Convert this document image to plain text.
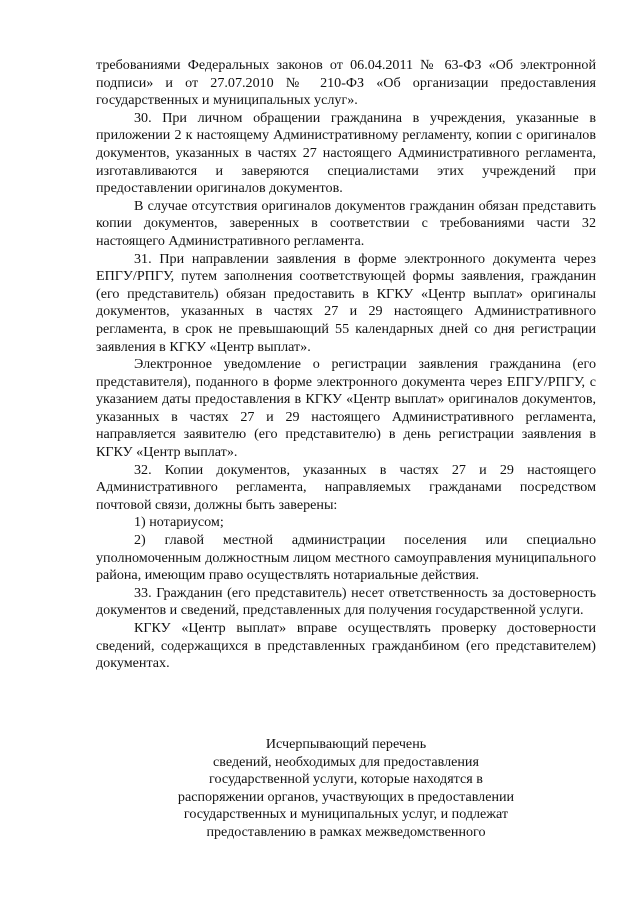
требованиями Федеральных законов от 06.04.2011 № 63-ФЗ «Об электронной подписи» и от 27.07.2010 № 210-ФЗ «Об организации предоставления государственных и муниципальных услуг».

30. При личном обращении гражданина в учреждения, указанные в приложении 2 к настоящему Административному регламенту, копии с оригиналов документов, указанных в частях 27 настоящего Административного регламента, изготавливаются и заверяются специалистами этих учреждений при предоставлении оригиналов документов.

В случае отсутствия оригиналов документов гражданин обязан представить копии документов, заверенных в соответствии с требованиями части 32 настоящего Административного регламента.

31. При направлении заявления в форме электронного документа через ЕПГУ/РПГУ, путем заполнения соответствующей формы заявления, гражданин (его представитель) обязан предоставить в КГКУ «Центр выплат» оригиналы документов, указанных в частях 27 и 29 настоящего Административного регламента, в срок не превышающий 55 календарных дней со дня регистрации заявления в КГКУ «Центр выплат».

Электронное уведомление о регистрации заявления гражданина (его представителя), поданного в форме электронного документа через ЕПГУ/РПГУ, с указанием даты предоставления в КГКУ «Центр выплат» оригиналов документов, указанных в частях 27 и 29 настоящего Административного регламента, направляется заявителю (его представителю) в день регистрации заявления в КГКУ «Центр выплат».

32. Копии документов, указанных в частях 27 и 29 настоящего Административного регламента, направляемых гражданами посредством почтовой связи, должны быть заверены:

1) нотариусом;

2) главой местной администрации поселения или специально уполномоченным должностным лицом местного самоуправления муниципального района, имеющим право осуществлять нотариальные действия.

33. Гражданин (его представитель) несет ответственность за достоверность документов и сведений, представленных для получения государственной услуги.

КГКУ «Центр выплат» вправе осуществлять проверку достоверности сведений, содержащихся в представленных гражданбином (его представителем) документах.

Исчерпывающий перечень
сведений, необходимых для предоставления
государственной услуги, которые находятся в
распоряжении органов, участвующих в предоставлении
государственных и муниципальных услуг, и подлежат
предоставлению в рамках межведомственного
